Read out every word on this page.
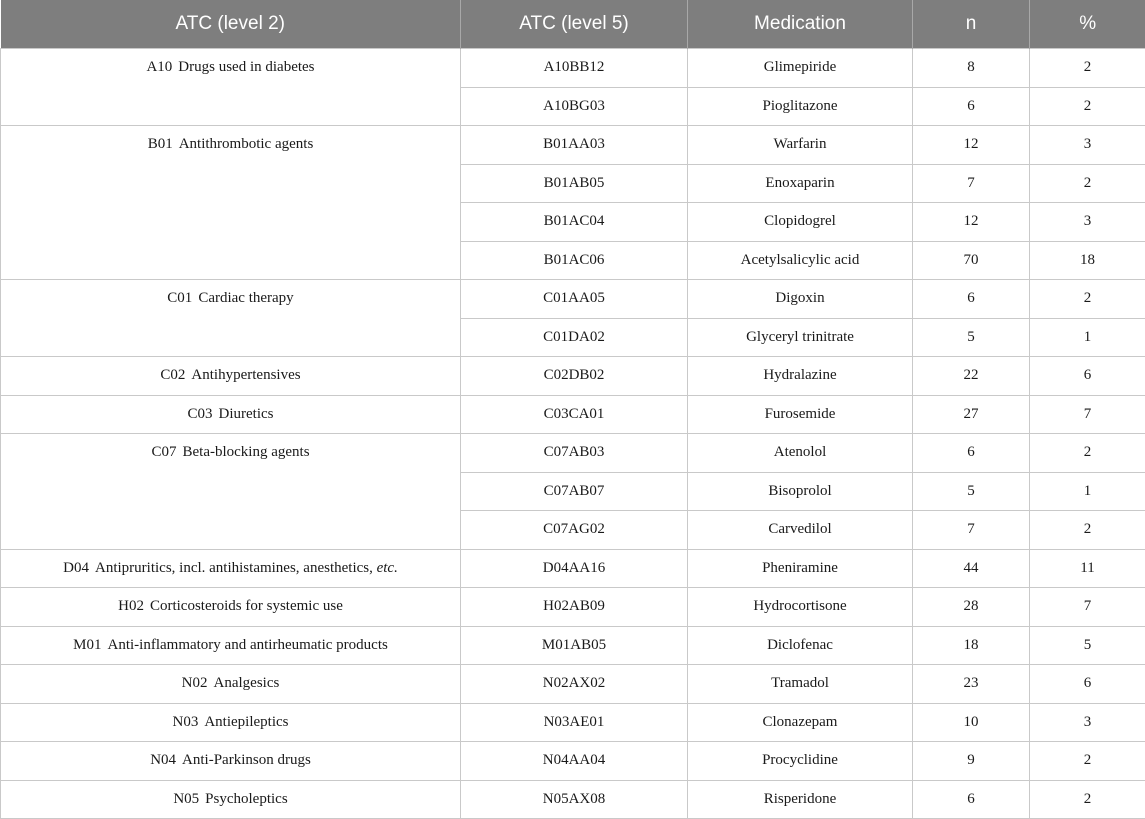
ATC (level 2)	ATC (level 5)	Medication	n	%
A10 Drugs used in diabetes	A10BB12	Glimepiride	8	2
	A10BG03	Pioglitazone	6	2
B01 Antithrombotic agents	B01AA03	Warfarin	12	3
	B01AB05	Enoxaparin	7	2
	B01AC04	Clopidogrel	12	3
	B01AC06	Acetylsalicylic acid	70	18
C01 Cardiac therapy	C01AA05	Digoxin	6	2
	C01DA02	Glyceryl trinitrate	5	1
C02 Antihypertensives	C02DB02	Hydralazine	22	6
C03 Diuretics	C03CA01	Furosemide	27	7
C07 Beta-blocking agents	C07AB03	Atenolol	6	2
	C07AB07	Bisoprolol	5	1
	C07AG02	Carvedilol	7	2
D04 Antipruritics, incl. antihistamines, anesthetics, etc.	D04AA16	Pheniramine	44	11
H02 Corticosteroids for systemic use	H02AB09	Hydrocortisone	28	7
M01 Anti-inflammatory and antirheumatic products	M01AB05	Diclofenac	18	5
N02 Analgesics	N02AX02	Tramadol	23	6
N03 Antiepileptics	N03AE01	Clonazepam	10	3
N04 Anti-Parkinson drugs	N04AA04	Procyclidine	9	2
N05 Psycholeptics	N05AX08	Risperidone	6	2
